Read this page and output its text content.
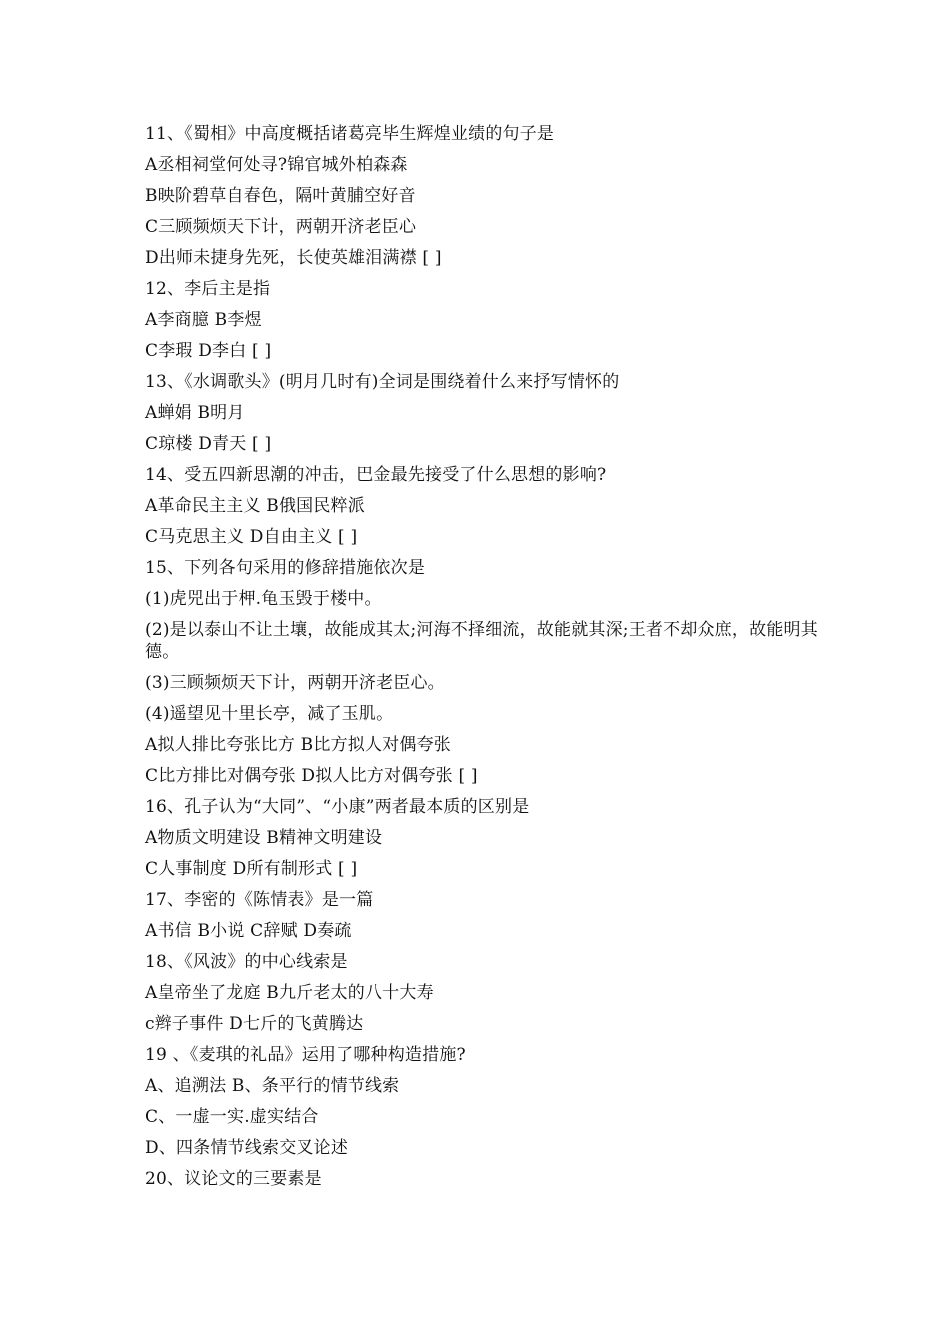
11、《蜀相》中高度概括诸葛亮毕生辉煌业绩的句子是
A丞相祠堂何处寻?锦官城外柏森森
B映阶碧草自春色，隔叶黄脯空好音
C三顾频烦天下计，两朝开济老臣心
D出师未捷身先死，长使英雄泪满襟 [ ]
12、李后主是指
A李商臆 B李煜
C李瑕 D李白 [ ]
13、《水调歌头》(明月几时有)全词是围绕着什么来抒写情怀的
A蝉娟 B明月
C琼楼 D青天 [ ]
14、受五四新思潮的冲击，巴金最先接受了什么思想的影响?
A革命民主主义 B俄国民粹派
C马克思主义 D自由主义 [ ]
15、下列各句采用的修辞措施依次是
(1)虎兕出于柙.龟玉毁于楼中。
(2)是以泰山不让土壤，故能成其太;河海不择细流，故能就其深;王者不却众庶，故能明其德。
(3)三顾频烦天下计，两朝开济老臣心。
(4)遥望见十里长亭，减了玉肌。
A拟人排比夸张比方 B比方拟人对偶夸张
C比方排比对偶夸张 D拟人比方对偶夸张 [ ]
16、孔子认为“大同”、“小康”两者最本质的区别是
A物质文明建设 B精神文明建设
C人事制度 D所有制形式 [ ]
17、李密的《陈情表》是一篇
A书信 B小说 C辞赋 D奏疏
18、《风波》的中心线索是
A皇帝坐了龙庭 B九斤老太的八十大寿
c辫子事件 D七斤的飞黄腾达
19 、《麦琪的礼品》运用了哪种构造措施?
A、追溯法 B、条平行的情节线索
C、一虚一实.虚实结合
D、四条情节线索交叉论述
20、议论文的三要素是
